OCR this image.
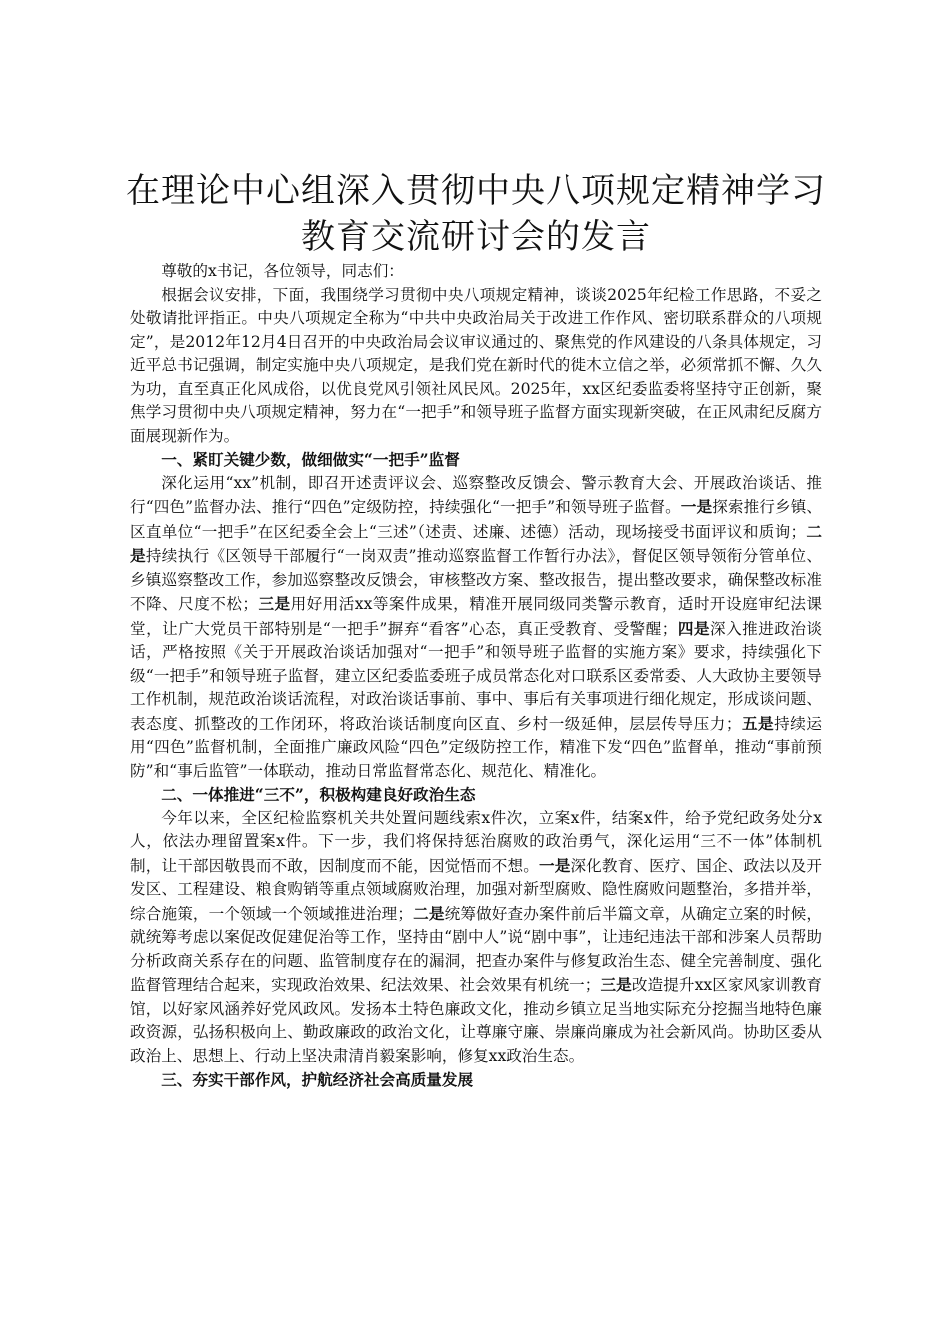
在理论中心组深入贯彻中央八项规定精神学习
教育交流研讨会的发言

尊敬的x书记，各位领导，同志们：

根据会议安排，下面，我围绕学习贯彻中央八项规定精神，谈谈2025年纪检工作思路，不妥之处敬请批评指正。中央八项规定全称为“中共中央政治局关于改进工作作风、密切联系群众的八项规定”，是2012年12月4日召开的中央政治局会议审议通过的、聚焦党的作风建设的八条具体规定，习近平总书记强调，制定实施中央八项规定，是我们党在新时代的徙木立信之举，必须常抓不懈、久久为功，直至真正化风成俗，以优良党风引领社风民风。2025年，xx区纪委监委将坚持守正创新，聚焦学习贯彻中央八项规定精神，努力在“一把手”和领导班子监督方面实现新突破，在正风肃纪反腐方面展现新作为。

一、紧盯关键少数，做细做实“一把手”监督

深化运用“xx”机制，即召开述责评议会、巡察整改反馈会、警示教育大会、开展政治谈话、推行“四色”监督办法、推行“四色”定级防控，持续强化“一把手”和领导班子监督。一是探索推行乡镇、区直单位“一把手”在区纪委全会上“三述”（述责、述廉、述德）活动，现场接受书面评议和质询；二是持续执行《区领导干部履行“一岗双责”推动巡察监督工作暂行办法》，督促区领导领衔分管单位、乡镇巡察整改工作，参加巡察整改反馈会，审核整改方案、整改报告，提出整改要求，确保整改标准不降、尺度不松；三是用好用活xx等案件成果，精准开展同级同类警示教育，适时开设庭审纪法课堂，让广大党员干部特别是“一把手”摒弃“看客”心态，真正受教育、受警醒；四是深入推进政治谈话，严格按照《关于开展政治谈话加强对“一把手”和领导班子监督的实施方案》要求，持续强化下级“一把手”和领导班子监督，建立区纪委监委班子成员常态化对口联系区委常委、人大政协主要领导工作机制，规范政治谈话流程，对政治谈话事前、事中、事后有关事项进行细化规定，形成谈问题、表态度、抓整改的工作闭环，将政治谈话制度向区直、乡村一级延伸，层层传导压力；五是持续运用“四色”监督机制，全面推广廉政风险“四色”定级防控工作，精准下发“四色”监督单，推动“事前预防”和“事后监管”一体联动，推动日常监督常态化、规范化、精准化。

二、一体推进“三不”，积极构建良好政治生态

今年以来，全区纪检监察机关共处置问题线索x件次，立案x件，结案x件，给予党纪政务处分x人，依法办理留置案x件。下一步，我们将保持惩治腐败的政治勇气，深化运用“三不一体”体制机制，让干部因敬畏而不敢，因制度而不能，因觉悟而不想。一是深化教育、医疗、国企、政法以及开发区、工程建设、粮食购销等重点领域腐败治理，加强对新型腐败、隐性腐败问题整治，多措并举，综合施策，一个领域一个领域推进治理；二是统筹做好查办案件前后半篇文章，从确定立案的时候，就统筹考虑以案促改促建促治等工作，坚持由“剧中人”说“剧中事”，让违纪违法干部和涉案人员帮助分析政商关系存在的问题、监管制度存在的漏洞，把查办案件与修复政治生态、健全完善制度、强化监督管理结合起来，实现政治效果、纪法效果、社会效果有机统一；三是改造提升xx区家风家训教育馆，以好家风涵养好党风政风。发扬本土特色廉政文化，推动乡镇立足当地实际充分挖掘当地特色廉政资源，弘扬积极向上、勤政廉政的政治文化，让尊廉守廉、崇廉尚廉成为社会新风尚。协助区委从政治上、思想上、行动上坚决肃清肖毅案影响，修复xx政治生态。

三、夯实干部作风，护航经济社会高质量发展
